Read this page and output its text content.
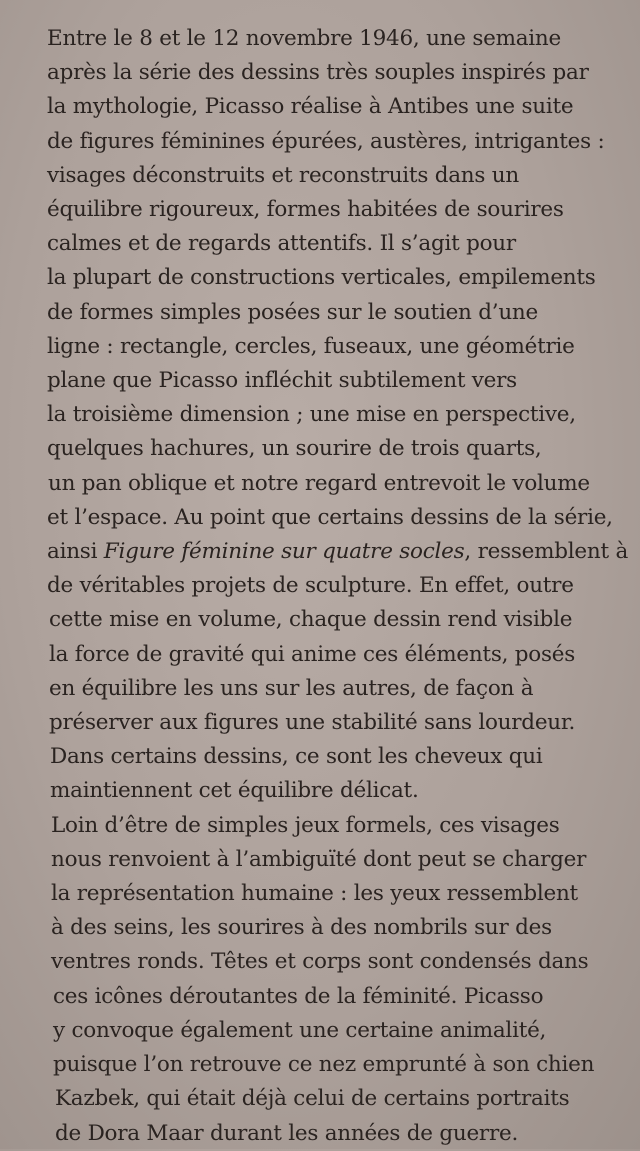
Entre le 8 et le 12 novembre 1946, une semaine
après la série des dessins très souples inspirés par
la mythologie, Picasso réalise à Antibes une suite
de figures féminines épurées, austères, intrigantes :
visages déconstruits et reconstruits dans un
équilibre rigoureux, formes habitées de sourires
calmes et de regards attentifs. Il s’agit pour
la plupart de constructions verticales, empilements
de formes simples posées sur le soutien d’une
ligne : rectangle, cercles, fuseaux, une géométrie
plane que Picasso infléchit subtilement vers
la troisième dimension ; une mise en perspective,
quelques hachures, un sourire de trois quarts,
un pan oblique et notre regard entrevoit le volume
et l’espace. Au point que certains dessins de la série,
ainsi Figure féminine sur quatre socles, ressemblent à
de véritables projets de sculpture. En effet, outre
cette mise en volume, chaque dessin rend visible
la force de gravité qui anime ces éléments, posés
en équilibre les uns sur les autres, de façon à
préserver aux figures une stabilité sans lourdeur.
Dans certains dessins, ce sont les cheveux qui
maintiennent cet équilibre délicat.
Loin d’être de simples jeux formels, ces visages
nous renvoient à l’ambiguïté dont peut se charger
la représentation humaine : les yeux ressemblent
à des seins, les sourires à des nombrils sur des
ventres ronds. Têtes et corps sont condensés dans
ces icônes déroutantes de la féminité. Picasso
y convoque également une certaine animalité,
puisque l’on retrouve ce nez emprunté à son chien
Kazbek, qui était déjà celui de certains portraits
de Dora Maar durant les années de guerre.
